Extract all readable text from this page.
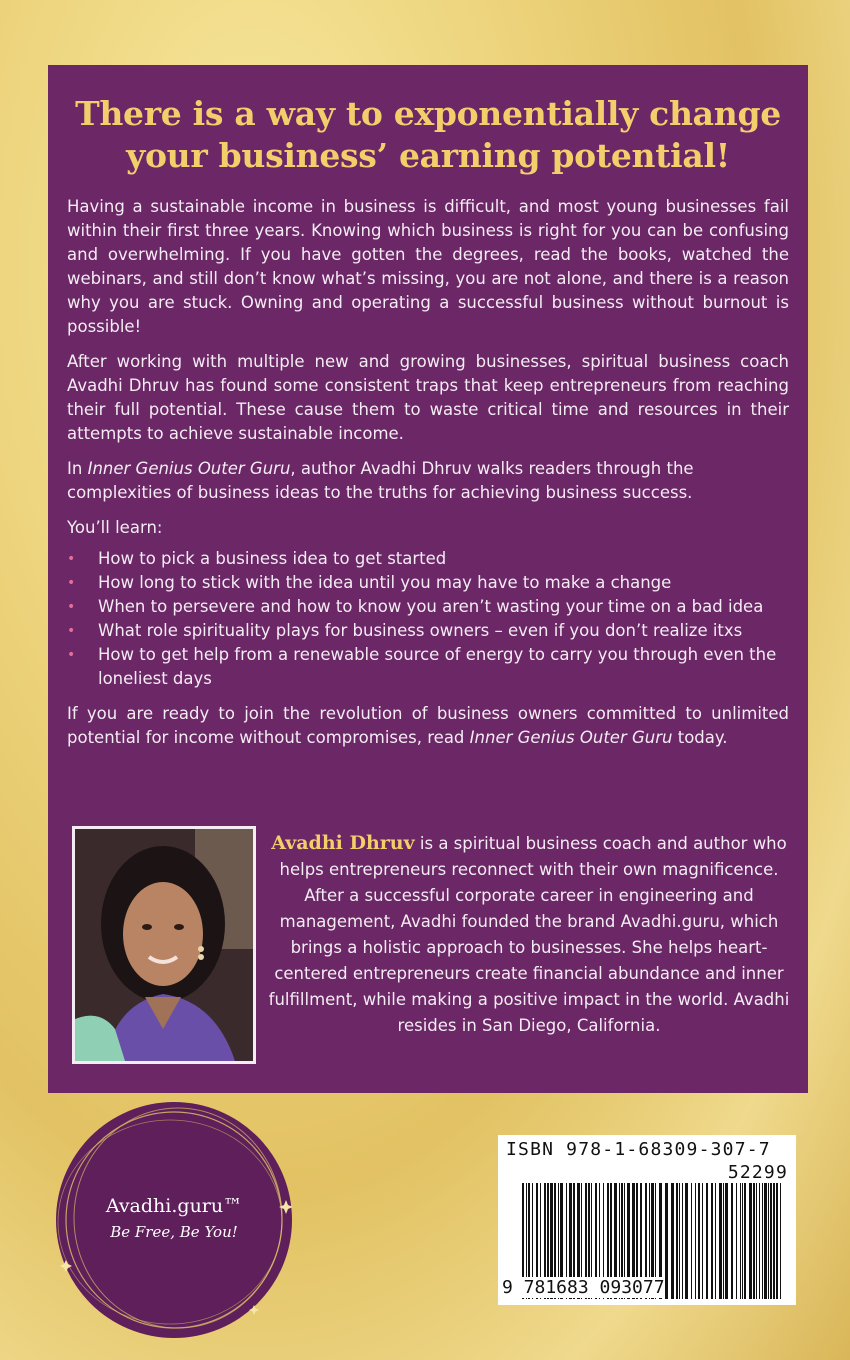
There is a way to exponentially change
your business’ earning potential!

Having a sustainable income in business is difficult, and most young businesses fail within their first three years. Knowing which business is right for you can be confusing and overwhelming. If you have gotten the degrees, read the books, watched the webinars, and still don’t know what’s missing, you are not alone, and there is a reason why you are stuck. Owning and operating a successful business without burnout is possible!

After working with multiple new and growing businesses, spiritual business coach Avadhi Dhruv has found some consistent traps that keep entrepreneurs from reaching their full potential. These cause them to waste critical time and resources in their attempts to achieve sustainable income.

In Inner Genius Outer Guru, author Avadhi Dhruv walks readers through the complexities of business ideas to the truths for achieving business success.

You’ll learn:

• How to pick a business idea to get started
• How long to stick with the idea until you may have to make a change
• When to persevere and how to know you aren’t wasting your time on a bad idea
• What role spirituality plays for business owners – even if you don’t realize itxs
• How to get help from a renewable source of energy to carry you through even the loneliest days

If you are ready to join the revolution of business owners committed to unlimited potential for income without compromises, read Inner Genius Outer Guru today.

Avadhi Dhruv is a spiritual business coach and author who helps entrepreneurs reconnect with their own magnificence. After a successful corporate career in engineering and management, Avadhi founded the brand Avadhi.guru, which brings a holistic approach to businesses. She helps heart-centered entrepreneurs create financial abundance and inner fulfillment, while making a positive impact in the world. Avadhi resides in San Diego, California.
Avadhi.guru™
Be Free, Be You!
ISBN 978-1-68309-307-7
52299
9 781683 093077
